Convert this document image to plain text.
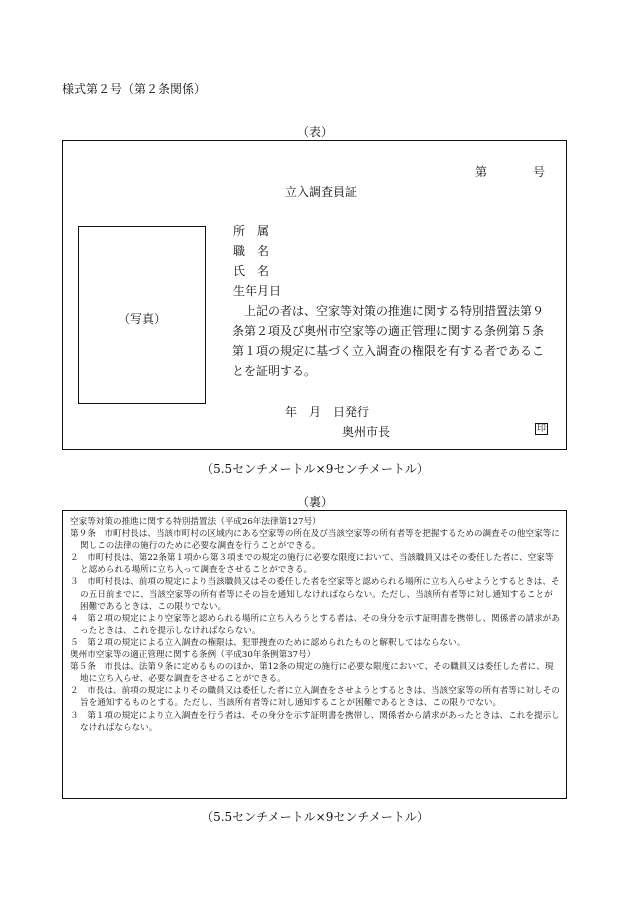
様式第２号（第２条関係）
（表）
第	号
立入調査員証
（写真）
所　属
職　名
氏　名
生年月日
上記の者は、空家等対策の推進に関する特別措置法第９条第２項及び奥州市空家等の適正管理に関する条例第５条第１項の規定に基づく立入調査の権限を有する者であることを証明する。
年　月　日発行
奥州市長	印
（5.5センチメートル×9センチメートル）
（裏）

空家等対策の推進に関する特別措置法（平成26年法律第127号）

第９条　市町村長は、当該市町村の区域内にある空家等の所在及び当該空家等の所有者等を把握するための調査その他空家等に関しこの法律の施行のために必要な調査を行うことができる。

２　市町村長は、第22条第１項から第３項までの規定の施行に必要な限度において、当該職員又はその委任した者に、空家等と認められる場所に立ち入って調査をさせることができる。

３　市町村長は、前項の規定により当該職員又はその委任した者を空家等と認められる場所に立ち入らせようとするときは、その五日前までに、当該空家等の所有者等にその旨を通知しなければならない。ただし、当該所有者等に対し通知することが困難であるときは、この限りでない。

４　第２項の規定により空家等と認められる場所に立ち入ろうとする者は、その身分を示す証明書を携帯し、関係者の請求があったときは、これを提示しなければならない。

５　第２項の規定による立入調査の権限は、犯罪捜査のために認められたものと解釈してはならない。

奥州市空家等の適正管理に関する条例（平成30年条例第37号）

第５条　市長は、法第９条に定めるもののほか、第12条の規定の施行に必要な限度において、その職員又は委任した者に、現地に立ち入らせ、必要な調査をさせることができる。

２　市長は、前項の規定によりその職員又は委任した者に立入調査をさせようとするときは、当該空家等の所有者等に対しその旨を通知するものとする。ただし、当該所有者等に対し通知することが困難であるときは、この限りでない。

３　第１項の規定により立入調査を行う者は、その身分を示す証明書を携帯し、関係者から請求があったときは、これを提示しなければならない。

（5.5センチメートル×9センチメートル）
